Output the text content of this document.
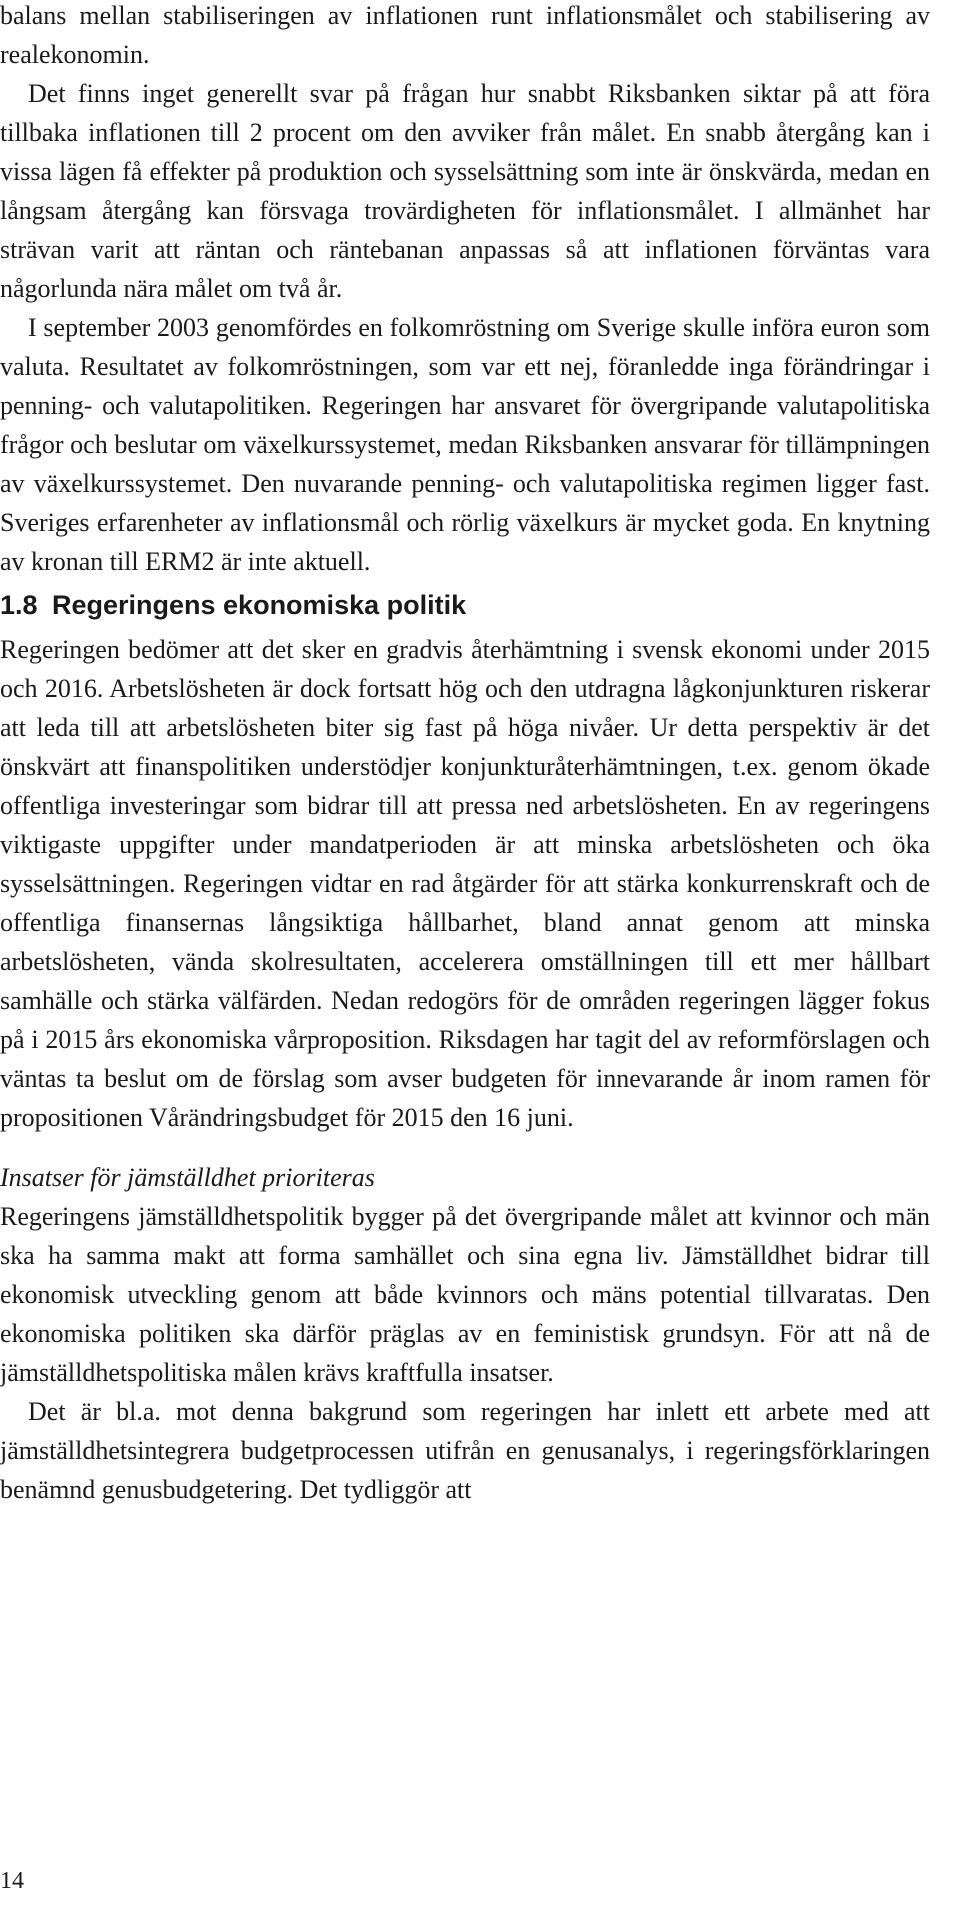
balans mellan stabiliseringen av inflationen runt inflationsmålet och stabilisering av realekonomin.

Det finns inget generellt svar på frågan hur snabbt Riksbanken siktar på att föra tillbaka inflationen till 2 procent om den avviker från målet. En snabb återgång kan i vissa lägen få effekter på produktion och sysselsättning som inte är önskvärda, medan en långsam återgång kan försvaga trovärdigheten för inflationsmålet. I allmänhet har strävan varit att räntan och räntebanan anpassas så att inflationen förväntas vara någorlunda nära målet om två år.

I september 2003 genomfördes en folkomröstning om Sverige skulle införa euron som valuta. Resultatet av folkomröstningen, som var ett nej, föranledde inga förändringar i penning- och valutapolitiken. Regeringen har ansvaret för övergripande valutapolitiska frågor och beslutar om växelkurssystemet, medan Riksbanken ansvarar för tillämpningen av växelkurssystemet. Den nuvarande penning- och valutapolitiska regimen ligger fast. Sveriges erfarenheter av inflationsmål och rörlig växelkurs är mycket goda. En knytning av kronan till ERM2 är inte aktuell.

1.8 Regeringens ekonomiska politik

Regeringen bedömer att det sker en gradvis återhämtning i svensk ekonomi under 2015 och 2016. Arbetslösheten är dock fortsatt hög och den utdragna lågkonjunkturen riskerar att leda till att arbetslösheten biter sig fast på höga nivåer. Ur detta perspektiv är det önskvärt att finanspolitiken understödjer konjunkturåterhämtningen, t.ex. genom ökade offentliga investeringar som bidrar till att pressa ned arbetslösheten. En av regeringens viktigaste uppgifter under mandatperioden är att minska arbetslösheten och öka sysselsättningen. Regeringen vidtar en rad åtgärder för att stärka konkurrenskraft och de offentliga finansernas långsiktiga hållbarhet, bland annat genom att minska arbetslösheten, vända skolresultaten, accelerera omställningen till ett mer hållbart samhälle och stärka välfärden. Nedan redogörs för de områden regeringen lägger fokus på i 2015 års ekonomiska vårproposition. Riksdagen har tagit del av reformförslagen och väntas ta beslut om de förslag som avser budgeten för innevarande år inom ramen för propositionen Vårändringsbudget för 2015 den 16 juni.

Insatser för jämställdhet prioriteras

Regeringens jämställdhetspolitik bygger på det övergripande målet att kvinnor och män ska ha samma makt att forma samhället och sina egna liv. Jämställdhet bidrar till ekonomisk utveckling genom att både kvinnors och mäns potential tillvaratas. Den ekonomiska politiken ska därför präglas av en feministisk grundsyn. För att nå de jämställdhetspolitiska målen krävs kraftfulla insatser.

Det är bl.a. mot denna bakgrund som regeringen har inlett ett arbete med att jämställdhetsintegrera budgetprocessen utifrån en genusanalys, i regeringsförklaringen benämnd genusbudgetering. Det tydliggör att

14
